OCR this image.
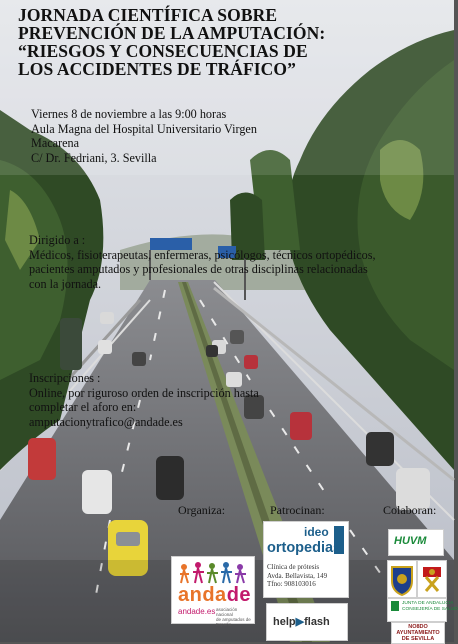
JORNADA CIENTÍFICA SOBRE
PREVENCIÓN DE LA AMPUTACIÓN:
“RIESGOS Y CONSECUENCIAS DE
LOS ACCIDENTES DE TRÁFICO”
Viernes 8 de noviembre a las 9:00 horas
Aula Magna del Hospital Universitario Virgen
Macarena
C/ Dr. Fedriani, 3. Sevilla
Dirigido a :
Médicos, fisioterapeutas, enfermeras, psicólogos, técnicos ortopédicos,
pacientes amputados y profesionales de otras disciplinas relacionadas
con la jornada.
Inscripciones :
Online, por riguroso orden de inscripción hasta
completar el aforo en:
amputacionytrafico@andade.es
Organiza:	Patrocinan:	Colaboran:
andade
andade.es asociación nacional
de amputados de España
ideo
ortopedias
Clínica de prótesis
Avda. Bellavista, 149
Tfno: 908103016
help▶flash
HUVM
JUNTA DE ANDALUCIA
CONSEJERÍA DE SALUD
NO8DO
AYUNTAMIENTO
DE SEVILLA
